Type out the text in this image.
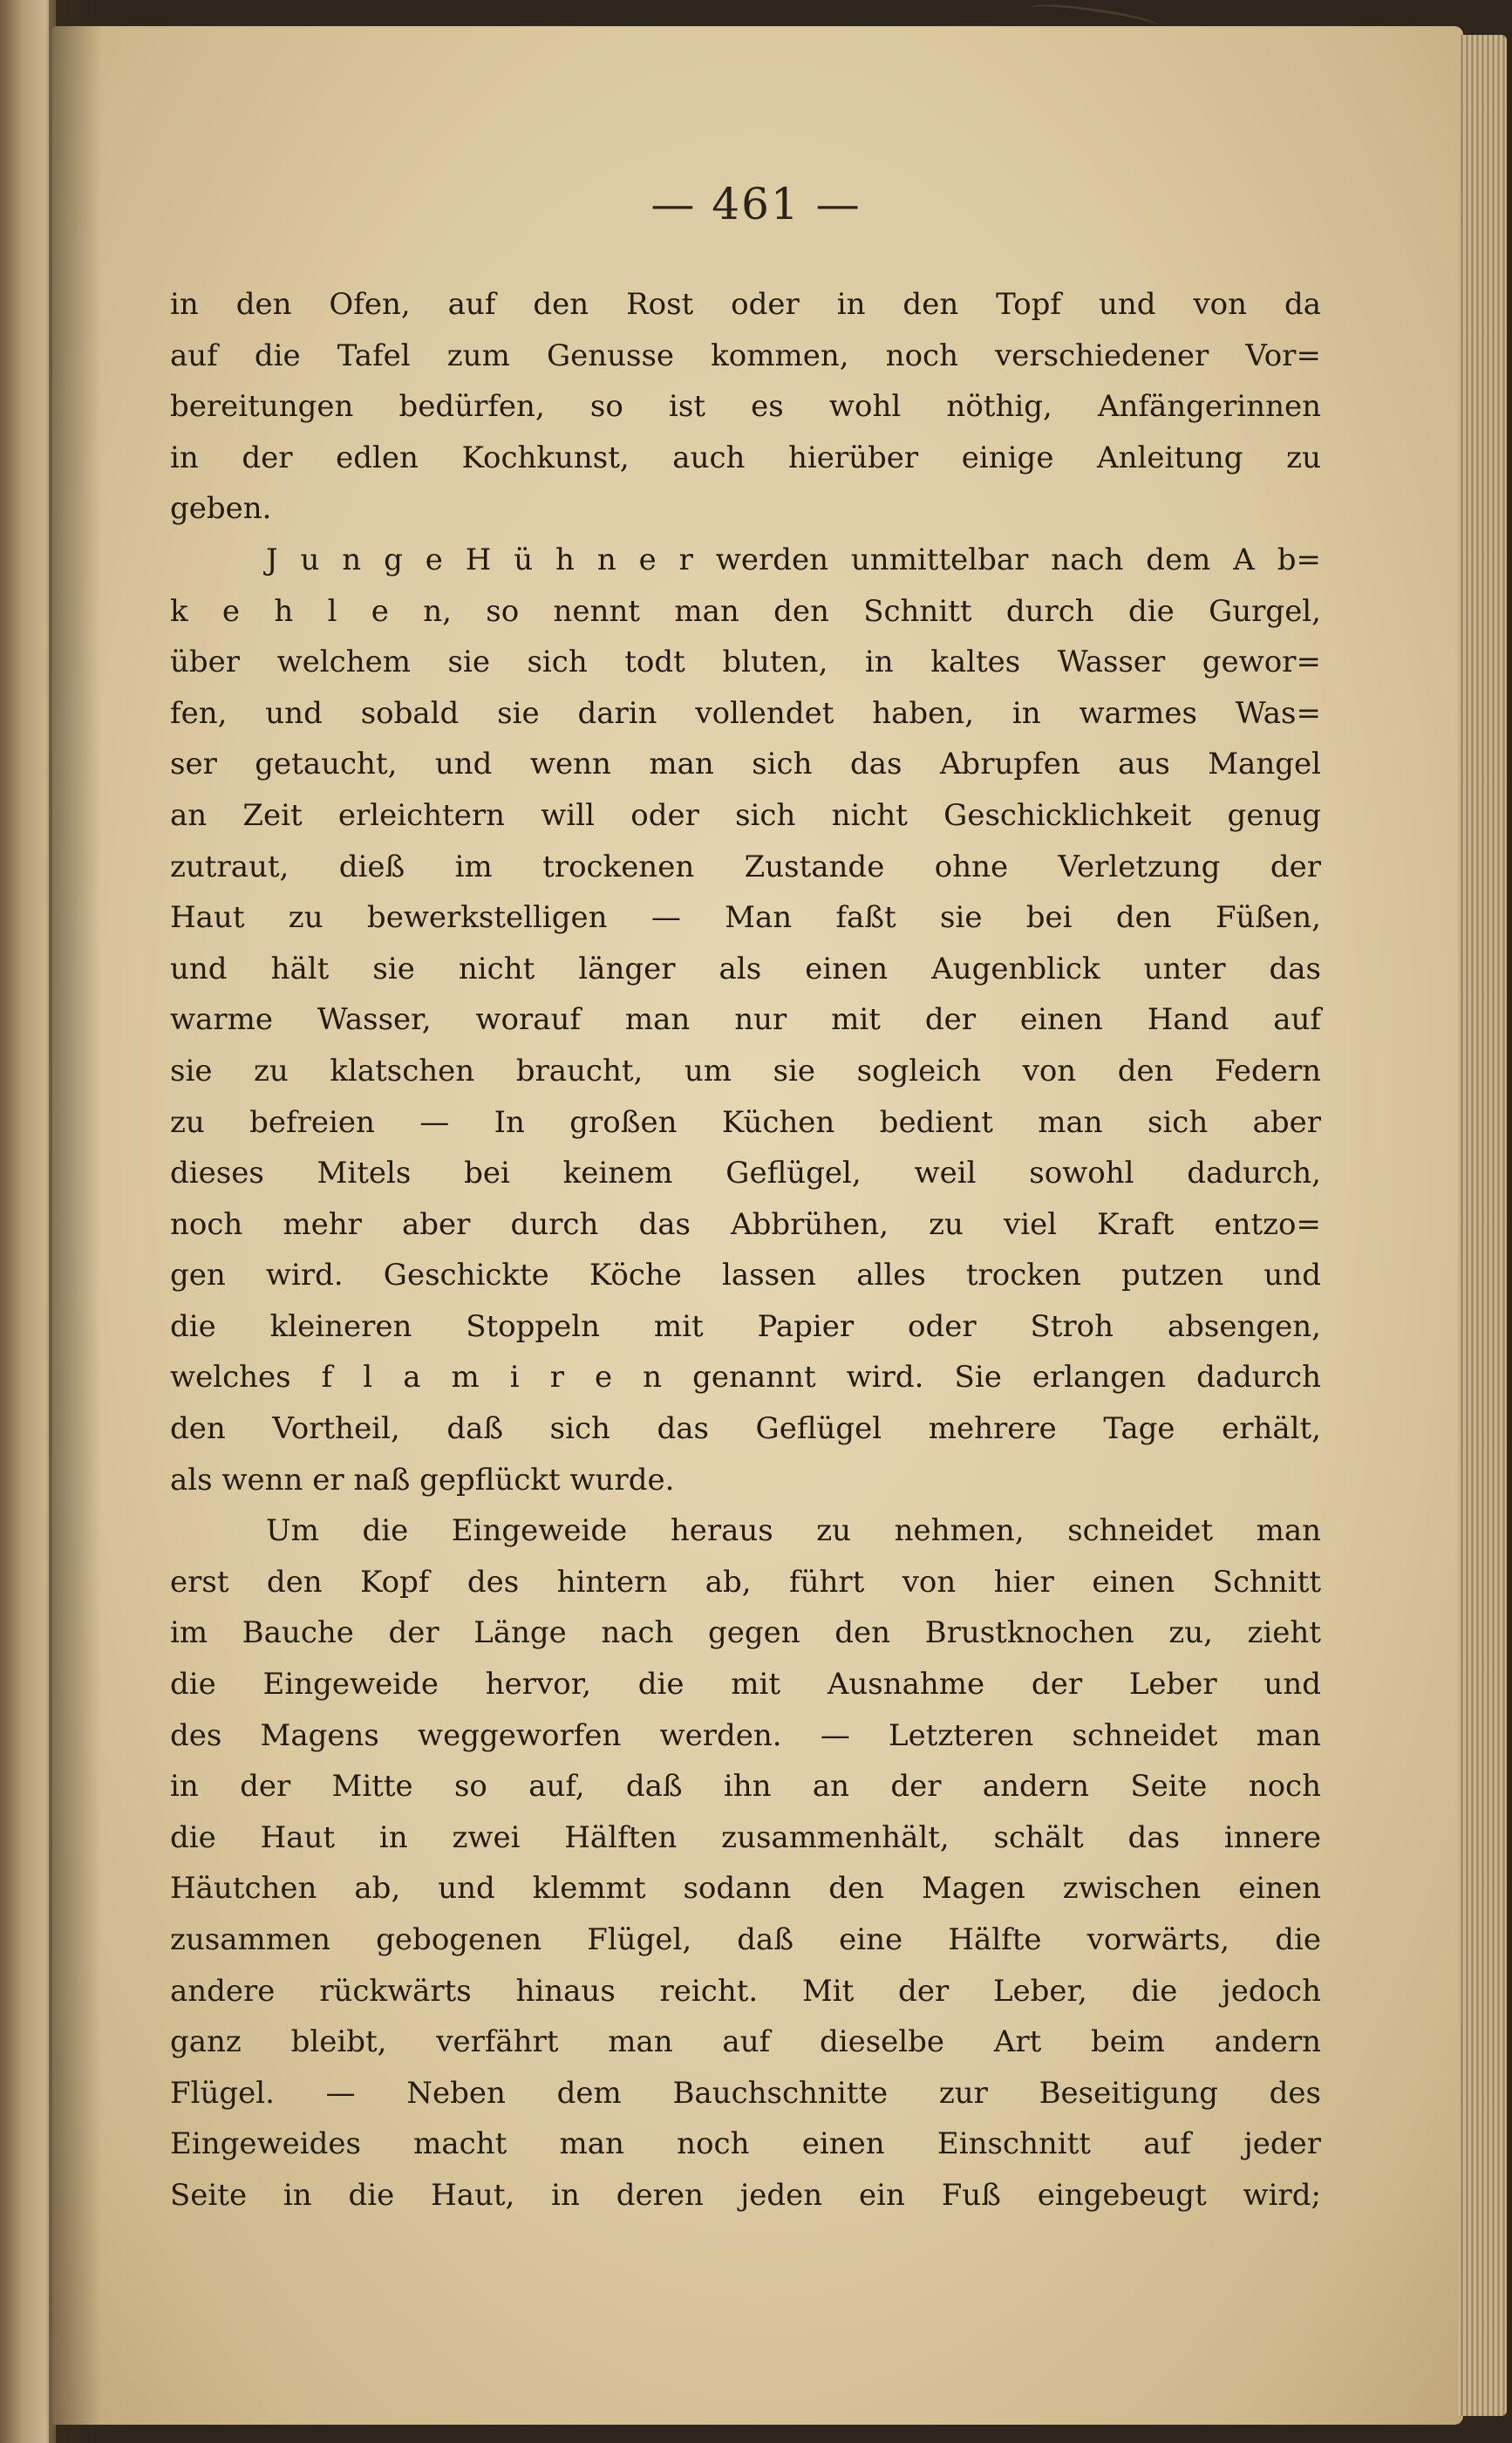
— 461 —
in den Ofen, auf den Rost oder in den Topf und von da
auf die Tafel zum Genusse kommen, noch verschiedener Vor=
bereitungen bedürfen, so ist es wohl nöthig, Anfängerinnen
in der edlen Kochkunst, auch hierüber einige Anleitung zu
geben.
J u n g e H ü h n e r werden unmittelbar nach dem A b=
k e h l e n, so nennt man den Schnitt durch die Gurgel,
über welchem sie sich todt bluten, in kaltes Wasser gewor=
fen, und sobald sie darin vollendet haben, in warmes Was=
ser getaucht, und wenn man sich das Abrupfen aus Mangel
an Zeit erleichtern will oder sich nicht Geschicklichkeit genug
zutraut, dieß im trockenen Zustande ohne Verletzung der
Haut zu bewerkstelligen — Man faßt sie bei den Füßen,
und hält sie nicht länger als einen Augenblick unter das
warme Wasser, worauf man nur mit der einen Hand auf
sie zu klatschen braucht, um sie sogleich von den Federn
zu befreien — In großen Küchen bedient man sich aber
dieses Mitels bei keinem Geflügel, weil sowohl dadurch,
noch mehr aber durch das Abbrühen, zu viel Kraft entzo=
gen wird. Geschickte Köche lassen alles trocken putzen und
die kleineren Stoppeln mit Papier oder Stroh absengen,
welches f l a m i r e n genannt wird. Sie erlangen dadurch
den Vortheil, daß sich das Geflügel mehrere Tage erhält,
als wenn er naß gepflückt wurde.
Um die Eingeweide heraus zu nehmen, schneidet man
erst den Kopf des hintern ab, führt von hier einen Schnitt
im Bauche der Länge nach gegen den Brustknochen zu, zieht
die Eingeweide hervor, die mit Ausnahme der Leber und
des Magens weggeworfen werden. — Letzteren schneidet man
in der Mitte so auf, daß ihn an der andern Seite noch
die Haut in zwei Hälften zusammenhält, schält das innere
Häutchen ab, und klemmt sodann den Magen zwischen einen
zusammen gebogenen Flügel, daß eine Hälfte vorwärts, die
andere rückwärts hinaus reicht. Mit der Leber, die jedoch
ganz bleibt, verfährt man auf dieselbe Art beim andern
Flügel. — Neben dem Bauchschnitte zur Beseitigung des
Eingeweides macht man noch einen Einschnitt auf jeder
Seite in die Haut, in deren jeden ein Fuß eingebeugt wird;
